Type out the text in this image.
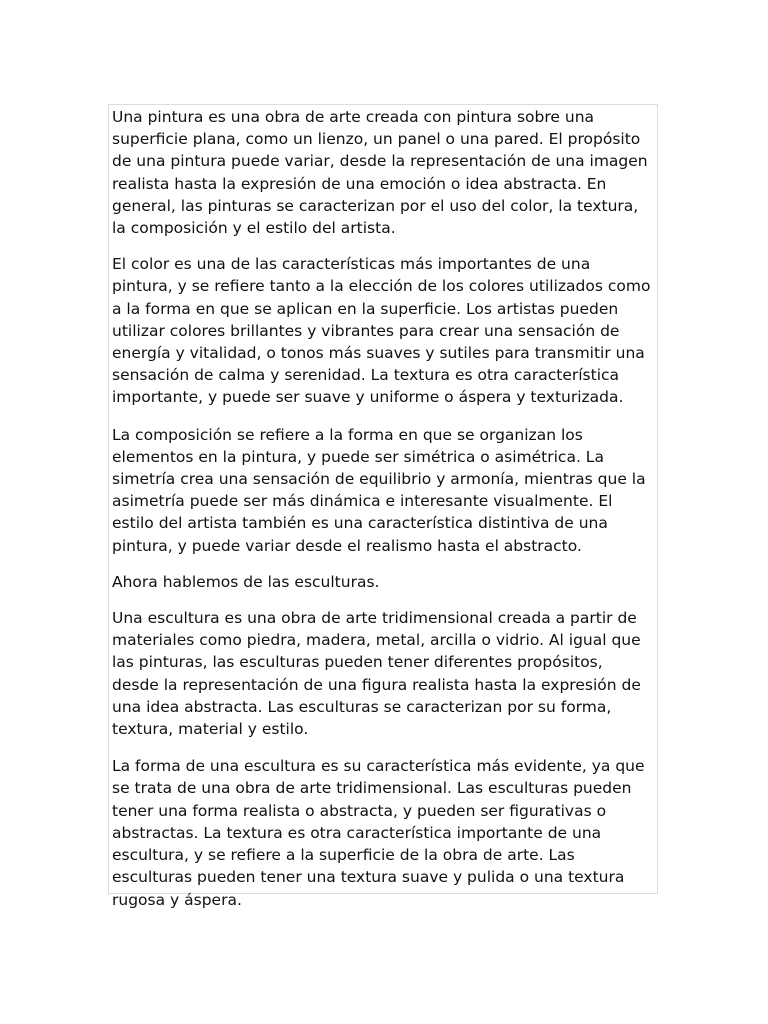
Una pintura es una obra de arte creada con pintura sobre una superficie plana, como un lienzo, un panel o una pared. El propósito de una pintura puede variar, desde la representación de una imagen realista hasta la expresión de una emoción o idea abstracta. En general, las pinturas se caracterizan por el uso del color, la textura, la composición y el estilo del artista.

El color es una de las características más importantes de una pintura, y se refiere tanto a la elección de los colores utilizados como a la forma en que se aplican en la superficie. Los artistas pueden utilizar colores brillantes y vibrantes para crear una sensación de energía y vitalidad, o tonos más suaves y sutiles para transmitir una sensación de calma y serenidad. La textura es otra característica importante, y puede ser suave y uniforme o áspera y texturizada.

La composición se refiere a la forma en que se organizan los elementos en la pintura, y puede ser simétrica o asimétrica. La simetría crea una sensación de equilibrio y armonía, mientras que la asimetría puede ser más dinámica e interesante visualmente. El estilo del artista también es una característica distintiva de una pintura, y puede variar desde el realismo hasta el abstracto.

Ahora hablemos de las esculturas.

Una escultura es una obra de arte tridimensional creada a partir de materiales como piedra, madera, metal, arcilla o vidrio. Al igual que las pinturas, las esculturas pueden tener diferentes propósitos, desde la representación de una figura realista hasta la expresión de una idea abstracta. Las esculturas se caracterizan por su forma, textura, material y estilo.

La forma de una escultura es su característica más evidente, ya que se trata de una obra de arte tridimensional. Las esculturas pueden tener una forma realista o abstracta, y pueden ser figurativas o abstractas. La textura es otra característica importante de una escultura, y se refiere a la superficie de la obra de arte. Las esculturas pueden tener una textura suave y pulida o una textura rugosa y áspera.
